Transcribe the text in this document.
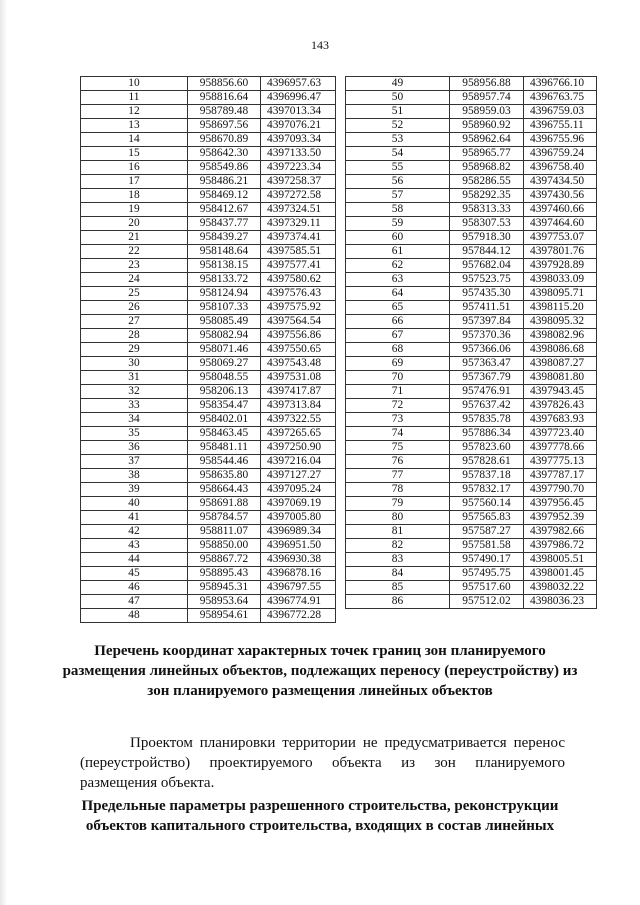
143
10	958856.60	4396957.63
11	958816.64	4396996.47
12	958789.48	4397013.34
13	958697.56	4397076.21
14	958670.89	4397093.34
15	958642.30	4397133.50
16	958549.86	4397223.34
17	958486.21	4397258.37
18	958469.12	4397272.58
19	958412.67	4397324.51
20	958437.77	4397329.11
21	958439.27	4397374.41
22	958148.64	4397585.51
23	958138.15	4397577.41
24	958133.72	4397580.62
25	958124.94	4397576.43
26	958107.33	4397575.92
27	958085.49	4397564.54
28	958082.94	4397556.86
29	958071.46	4397550.65
30	958069.27	4397543.48
31	958048.55	4397531.08
32	958206.13	4397417.87
33	958354.47	4397313.84
34	958402.01	4397322.55
35	958463.45	4397265.65
36	958481.11	4397250.90
37	958544.46	4397216.04
38	958635.80	4397127.27
39	958664.43	4397095.24
40	958691.88	4397069.19
41	958784.57	4397005.80
42	958811.07	4396989.34
43	958850.00	4396951.50
44	958867.72	4396930.38
45	958895.43	4396878.16
46	958945.31	4396797.55
47	958953.64	4396774.91
48	958954.61	4396772.28
49	958956.88	4396766.10
50	958957.74	4396763.75
51	958959.03	4396759.03
52	958960.92	4396755.11
53	958962.64	4396755.96
54	958965.77	4396759.24
55	958968.82	4396758.40
56	958286.55	4397434.50
57	958292.35	4397430.56
58	958313.33	4397460.66
59	958307.53	4397464.60
60	957918.30	4397753.07
61	957844.12	4397801.76
62	957682.04	4397928.89
63	957523.75	4398033.09
64	957435.30	4398095.71
65	957411.51	4398115.20
66	957397.84	4398095.32
67	957370.36	4398082.96
68	957366.06	4398086.68
69	957363.47	4398087.27
70	957367.79	4398081.80
71	957476.91	4397943.45
72	957637.42	4397826.43
73	957835.78	4397683.93
74	957886.34	4397723.40
75	957823.60	4397778.66
76	957828.61	4397775.13
77	957837.18	4397787.17
78	957832.17	4397790.70
79	957560.14	4397956.45
80	957565.83	4397952.39
81	957587.27	4397982.66
82	957581.58	4397986.72
83	957490.17	4398005.51
84	957495.75	4398001.45
85	957517.60	4398032.22
86	957512.02	4398036.23

Перечень координат характерных точек границ зон планируемого размещения линейных объектов, подлежащих переносу (переустройству) из зон планируемого размещения линейных объектов

Проектом планировки территории не предусматривается перенос (переустройство) проектируемого объекта из зон планируемого размещения объекта.

Предельные параметры разрешенного строительства, реконструкции объектов капитального строительства, входящих в состав линейных
